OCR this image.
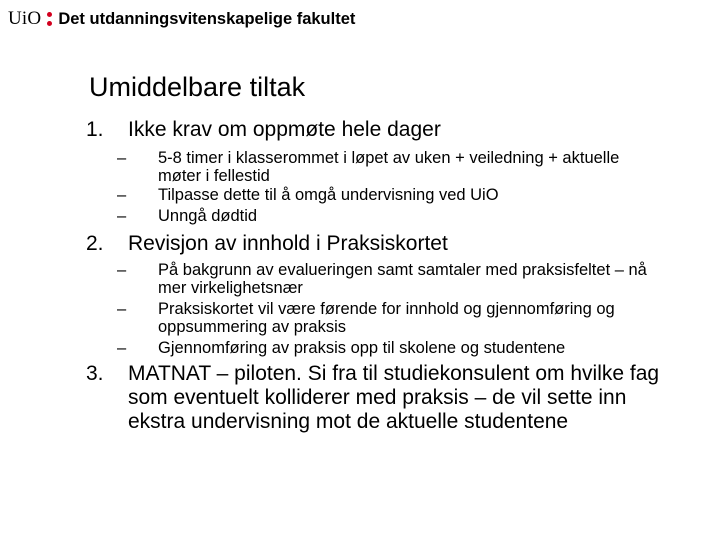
UiO Det utdanningsvitenskapelige fakultet
Umiddelbare tiltak
1. Ikke krav om oppmøte hele dager
– 5-8 timer i klasserommet i løpet av uken + veiledning + aktuelle møter i fellestid
– Tilpasse dette til å omgå undervisning ved UiO
– Unngå dødtid
2. Revisjon av innhold i Praksiskortet
– På bakgrunn av evalueringen samt samtaler med praksisfeltet – nå mer virkelighetsnær
– Praksiskortet vil være førende for innhold og gjennomføring og oppsummering av praksis
– Gjennomføring av praksis opp til skolene og studentene
3. MATNAT – piloten. Si fra til studiekonsulent om hvilke fag som eventuelt kolliderer med praksis – de vil sette inn ekstra undervisning mot de aktuelle studentene
